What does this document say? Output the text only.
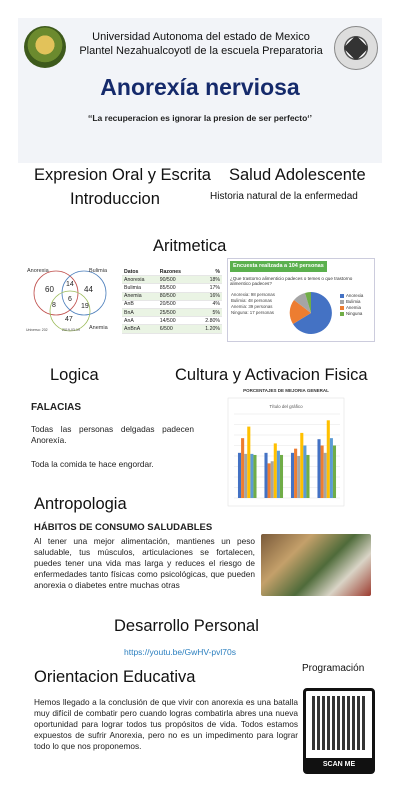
Universidad Autonoma del estado de Mexico
Plantel Nezahualcoyotl de la escuela Preparatoria
Anorexía nerviosa
‘‘La recuperacion es ignorar la presion de ser perfecto‘’
Expresion Oral y Escrita
Introduccion
Salud Adolescente
Historia natural de la enfermedad
Aritmetica
Anorexia	Bulimia
Anemia
60
14
44
8
6
19
47
Universo: 202	2019-03-19
Datos	Razones	%
Anorexia	90/500	18%
Bulimia	85/500	17%
Anemia	80/500	16%
AnB	20/500	4%
BnA	25/500	5%
AnA	14/500	2.80%
AnBnA	6/500	1.20%
Encuesta realizada a 104 personas
¿Que trastorno alimenticio padeces o temes o que trastorno alimentico padeces?
Anorexia: 98 personas
Bulimia: 48 personas
Anemia: 39 personas
Ninguna: 17 personas
Anorexia
Bulimia
Anemia
Ninguna
Logica	Cultura y Activacion Fisica
FALACIAS
Todas las personas delgadas padecen Anorexía.
Toda la comida te hace engordar.
PORCENTAJES DE MEJORIA GENERAL
Título del gráfico
Antropologia
HÁBITOS DE CONSUMO SALUDABLES
Al tener una mejor alimentación, mantienes un peso saludable, tus músculos, articulaciones se fortalecen, puedes tener una vida mas larga y reduces el riesgo de enfermedades tanto físicas como psicológicas, que pueden anorexia o diabetes entre muchas otras
Desarrollo Personal
https://youtu.be/GwHV-pvl70s
Orientacion Educativa	Programación
Hemos llegado a la conclusión de que vivir con anorexia es una batalla muy difícil de combatir pero cuando logras combatirla abres una nueva oportunidad para lograr todos tus propósitos de vida. Todos estamos expuestos de sufrir Anorexia, pero no es un impedimento para lograr todo lo que nos proponemos.
SCAN ME
